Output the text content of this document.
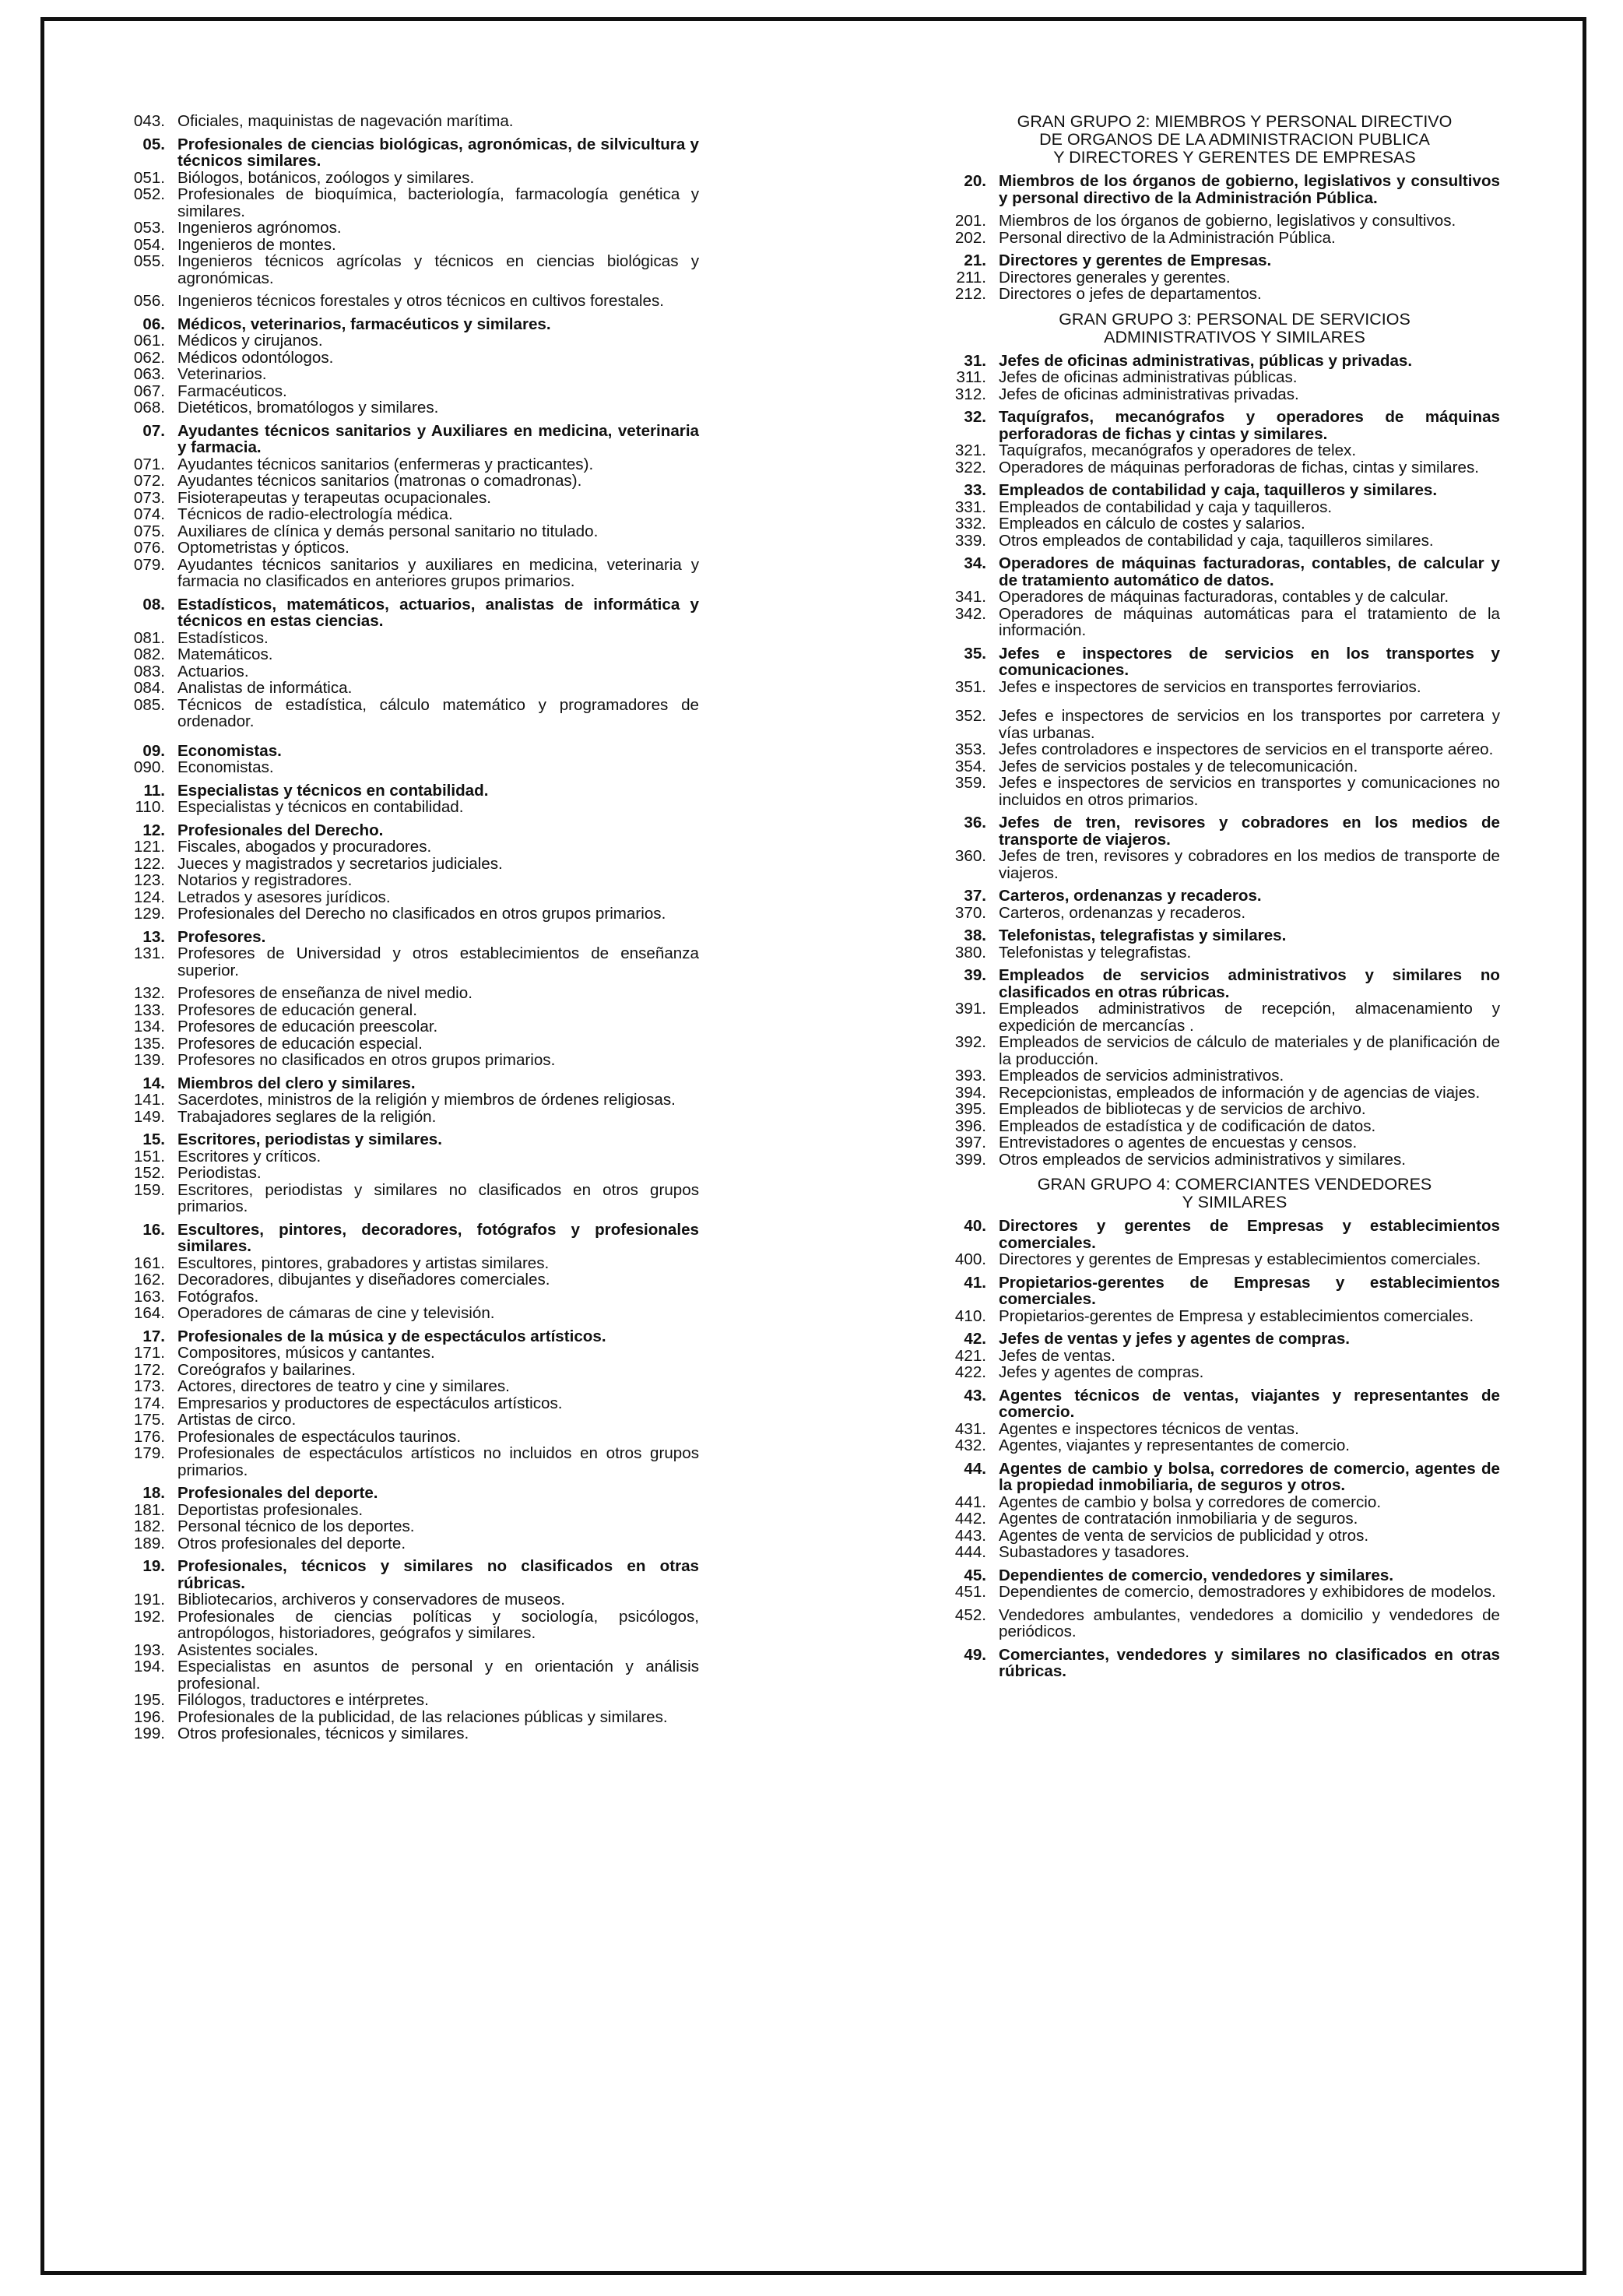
043. Oficiales, maquinistas de nagevación marítima.
05. Profesionales de ciencias biológicas, agronómicas, de silvicultura y técnicos similares.
051. Biólogos, botánicos, zoólogos y similares.
052. Profesionales de bioquímica, bacteriología, farmacología genética y similares.
053. Ingenieros agrónomos.
054. Ingenieros de montes.
055. Ingenieros técnicos agrícolas y técnicos en ciencias biológicas y agronómicas.
056. Ingenieros técnicos forestales y otros técnicos en cultivos forestales.
06. Médicos, veterinarios, farmacéuticos y similares.
061. Médicos y cirujanos.
062. Médicos odontólogos.
063. Veterinarios.
067. Farmacéuticos.
068. Dietéticos, bromatólogos y similares.
07. Ayudantes técnicos sanitarios y Auxiliares en medicina, veterinaria y farmacia.
071. Ayudantes técnicos sanitarios (enfermeras y practicantes).
072. Ayudantes técnicos sanitarios (matronas o comadronas).
073. Fisioterapeutas y terapeutas ocupacionales.
074. Técnicos de radio-electrología médica.
075. Auxiliares de clínica y demás personal sanitario no titulado.
076. Optometristas y ópticos.
079. Ayudantes técnicos sanitarios y auxiliares en medicina, veterinaria y farmacia no clasificados en anteriores grupos primarios.
08. Estadísticos, matemáticos, actuarios, analistas de informática y técnicos en estas ciencias.
081. Estadísticos.
082. Matemáticos.
083. Actuarios.
084. Analistas de informática.
085. Técnicos de estadística, cálculo matemático y programadores de ordenador.
09. Economistas.
090. Economistas.
11. Especialistas y técnicos en contabilidad.
110. Especialistas y técnicos en contabilidad.
12. Profesionales del Derecho.
121. Fiscales, abogados y procuradores.
122. Jueces y magistrados y secretarios judiciales.
123. Notarios y registradores.
124. Letrados y asesores jurídicos.
129. Profesionales del Derecho no clasificados en otros grupos primarios.
13. Profesores.
131. Profesores de Universidad y otros establecimientos de enseñanza superior.
132. Profesores de enseñanza de nivel medio.
133. Profesores de educación general.
134. Profesores de educación preescolar.
135. Profesores de educación especial.
139. Profesores no clasificados en otros grupos primarios.
14. Miembros del clero y similares.
141. Sacerdotes, ministros de la religión y miembros de órdenes religiosas.
149. Trabajadores seglares de la religión.
15. Escritores, periodistas y similares.
151. Escritores y críticos.
152. Periodistas.
159. Escritores, periodistas y similares no clasificados en otros grupos primarios.
16. Escultores, pintores, decoradores, fotógrafos y profesionales similares.
161. Escultores, pintores, grabadores y artistas similares.
162. Decoradores, dibujantes y diseñadores comerciales.
163. Fotógrafos.
164. Operadores de cámaras de cine y televisión.
17. Profesionales de la música y de espectáculos artísticos.
171. Compositores, músicos y cantantes.
172. Coreógrafos y bailarines.
173. Actores, directores de teatro y cine y similares.
174. Empresarios y productores de espectáculos artísticos.
175. Artistas de circo.
176. Profesionales de espectáculos taurinos.
179. Profesionales de espectáculos artísticos no incluidos en otros grupos primarios.
18. Profesionales del deporte.
181. Deportistas profesionales.
182. Personal técnico de los deportes.
189. Otros profesionales del deporte.
19. Profesionales, técnicos y similares no clasificados en otras rúbricas.
191. Bibliotecarios, archiveros y conservadores de museos.
192. Profesionales de ciencias políticas y sociología, psicólogos, antropólogos, historiadores, geógrafos y similares.
193. Asistentes sociales.
194. Especialistas en asuntos de personal y en orientación y análisis profesional.
195. Filólogos, traductores e intérpretes.
196. Profesionales de la publicidad, de las relaciones públicas y similares.
199. Otros profesionales, técnicos y similares.
GRAN GRUPO 2: MIEMBROS Y PERSONAL DIRECTIVO
DE ORGANOS DE LA ADMINISTRACION PUBLICA
Y DIRECTORES Y GERENTES DE EMPRESAS
20. Miembros de los órganos de gobierno, legislativos y consultivos y personal directivo de la Administración Pública.
201. Miembros de los órganos de gobierno, legislativos y consultivos.
202. Personal directivo de la Administración Pública.
21. Directores y gerentes de Empresas.
211. Directores generales y gerentes.
212. Directores o jefes de departamentos.
GRAN GRUPO 3: PERSONAL DE SERVICIOS
ADMINISTRATIVOS Y SIMILARES
31. Jefes de oficinas administrativas, públicas y privadas.
311. Jefes de oficinas administrativas públicas.
312. Jefes de oficinas administrativas privadas.
32. Taquígrafos, mecanógrafos y operadores de máquinas perforadoras de fichas y cintas y similares.
321. Taquígrafos, mecanógrafos y operadores de telex.
322. Operadores de máquinas perforadoras de fichas, cintas y similares.
33. Empleados de contabilidad y caja, taquilleros y similares.
331. Empleados de contabilidad y caja y taquilleros.
332. Empleados en cálculo de costes y salarios.
339. Otros empleados de contabilidad y caja, taquilleros similares.
34. Operadores de máquinas facturadoras, contables, de calcular y de tratamiento automático de datos.
341. Operadores de máquinas facturadoras, contables y de calcular.
342. Operadores de máquinas automáticas para el tratamiento de la información.
35. Jefes e inspectores de servicios en los transportes y comunicaciones.
351. Jefes e inspectores de servicios en transportes ferroviarios.
352. Jefes e inspectores de servicios en los transportes por carretera y vías urbanas.
353. Jefes controladores e inspectores de servicios en el transporte aéreo.
354. Jefes de servicios postales y de telecomunicación.
359. Jefes e inspectores de servicios en transportes y comunicaciones no incluidos en otros primarios.
36. Jefes de tren, revisores y cobradores en los medios de transporte de viajeros.
360. Jefes de tren, revisores y cobradores en los medios de transporte de viajeros.
37. Carteros, ordenanzas y recaderos.
370. Carteros, ordenanzas y recaderos.
38. Telefonistas, telegrafistas y similares.
380. Telefonistas y telegrafistas.
39. Empleados de servicios administrativos y similares no clasificados en otras rúbricas.
391. Empleados administrativos de recepción, almacenamiento y expedición de mercancías .
392. Empleados de servicios de cálculo de materiales y de planificación de la producción.
393. Empleados de servicios administrativos.
394. Recepcionistas, empleados de información y de agencias de viajes.
395. Empleados de bibliotecas y de servicios de archivo.
396. Empleados de estadística y de codificación de datos.
397. Entrevistadores o agentes de encuestas y censos.
399. Otros empleados de servicios administrativos y similares.
GRAN GRUPO 4: COMERCIANTES VENDEDORES
Y SIMILARES
40. Directores y gerentes de Empresas y establecimientos comerciales.
400. Directores y gerentes de Empresas y establecimientos comerciales.
41. Propietarios-gerentes de Empresas y establecimientos comerciales.
410. Propietarios-gerentes de Empresa y establecimientos comerciales.
42. Jefes de ventas y jefes y agentes de compras.
421. Jefes de ventas.
422. Jefes y agentes de compras.
43. Agentes técnicos de ventas, viajantes y representantes de comercio.
431. Agentes e inspectores técnicos de ventas.
432. Agentes, viajantes y representantes de comercio.
44. Agentes de cambio y bolsa, corredores de comercio, agentes de la propiedad inmobiliaria, de seguros y otros.
441. Agentes de cambio y bolsa y corredores de comercio.
442. Agentes de contratación inmobiliaria y de seguros.
443. Agentes de venta de servicios de publicidad y otros.
444. Subastadores y tasadores.
45. Dependientes de comercio, vendedores y similares.
451. Dependientes de comercio, demostradores y exhibidores de modelos.
452. Vendedores ambulantes, vendedores a domicilio y vendedores de periódicos.
49. Comerciantes, vendedores y similares no clasificados en otras rúbricas.
